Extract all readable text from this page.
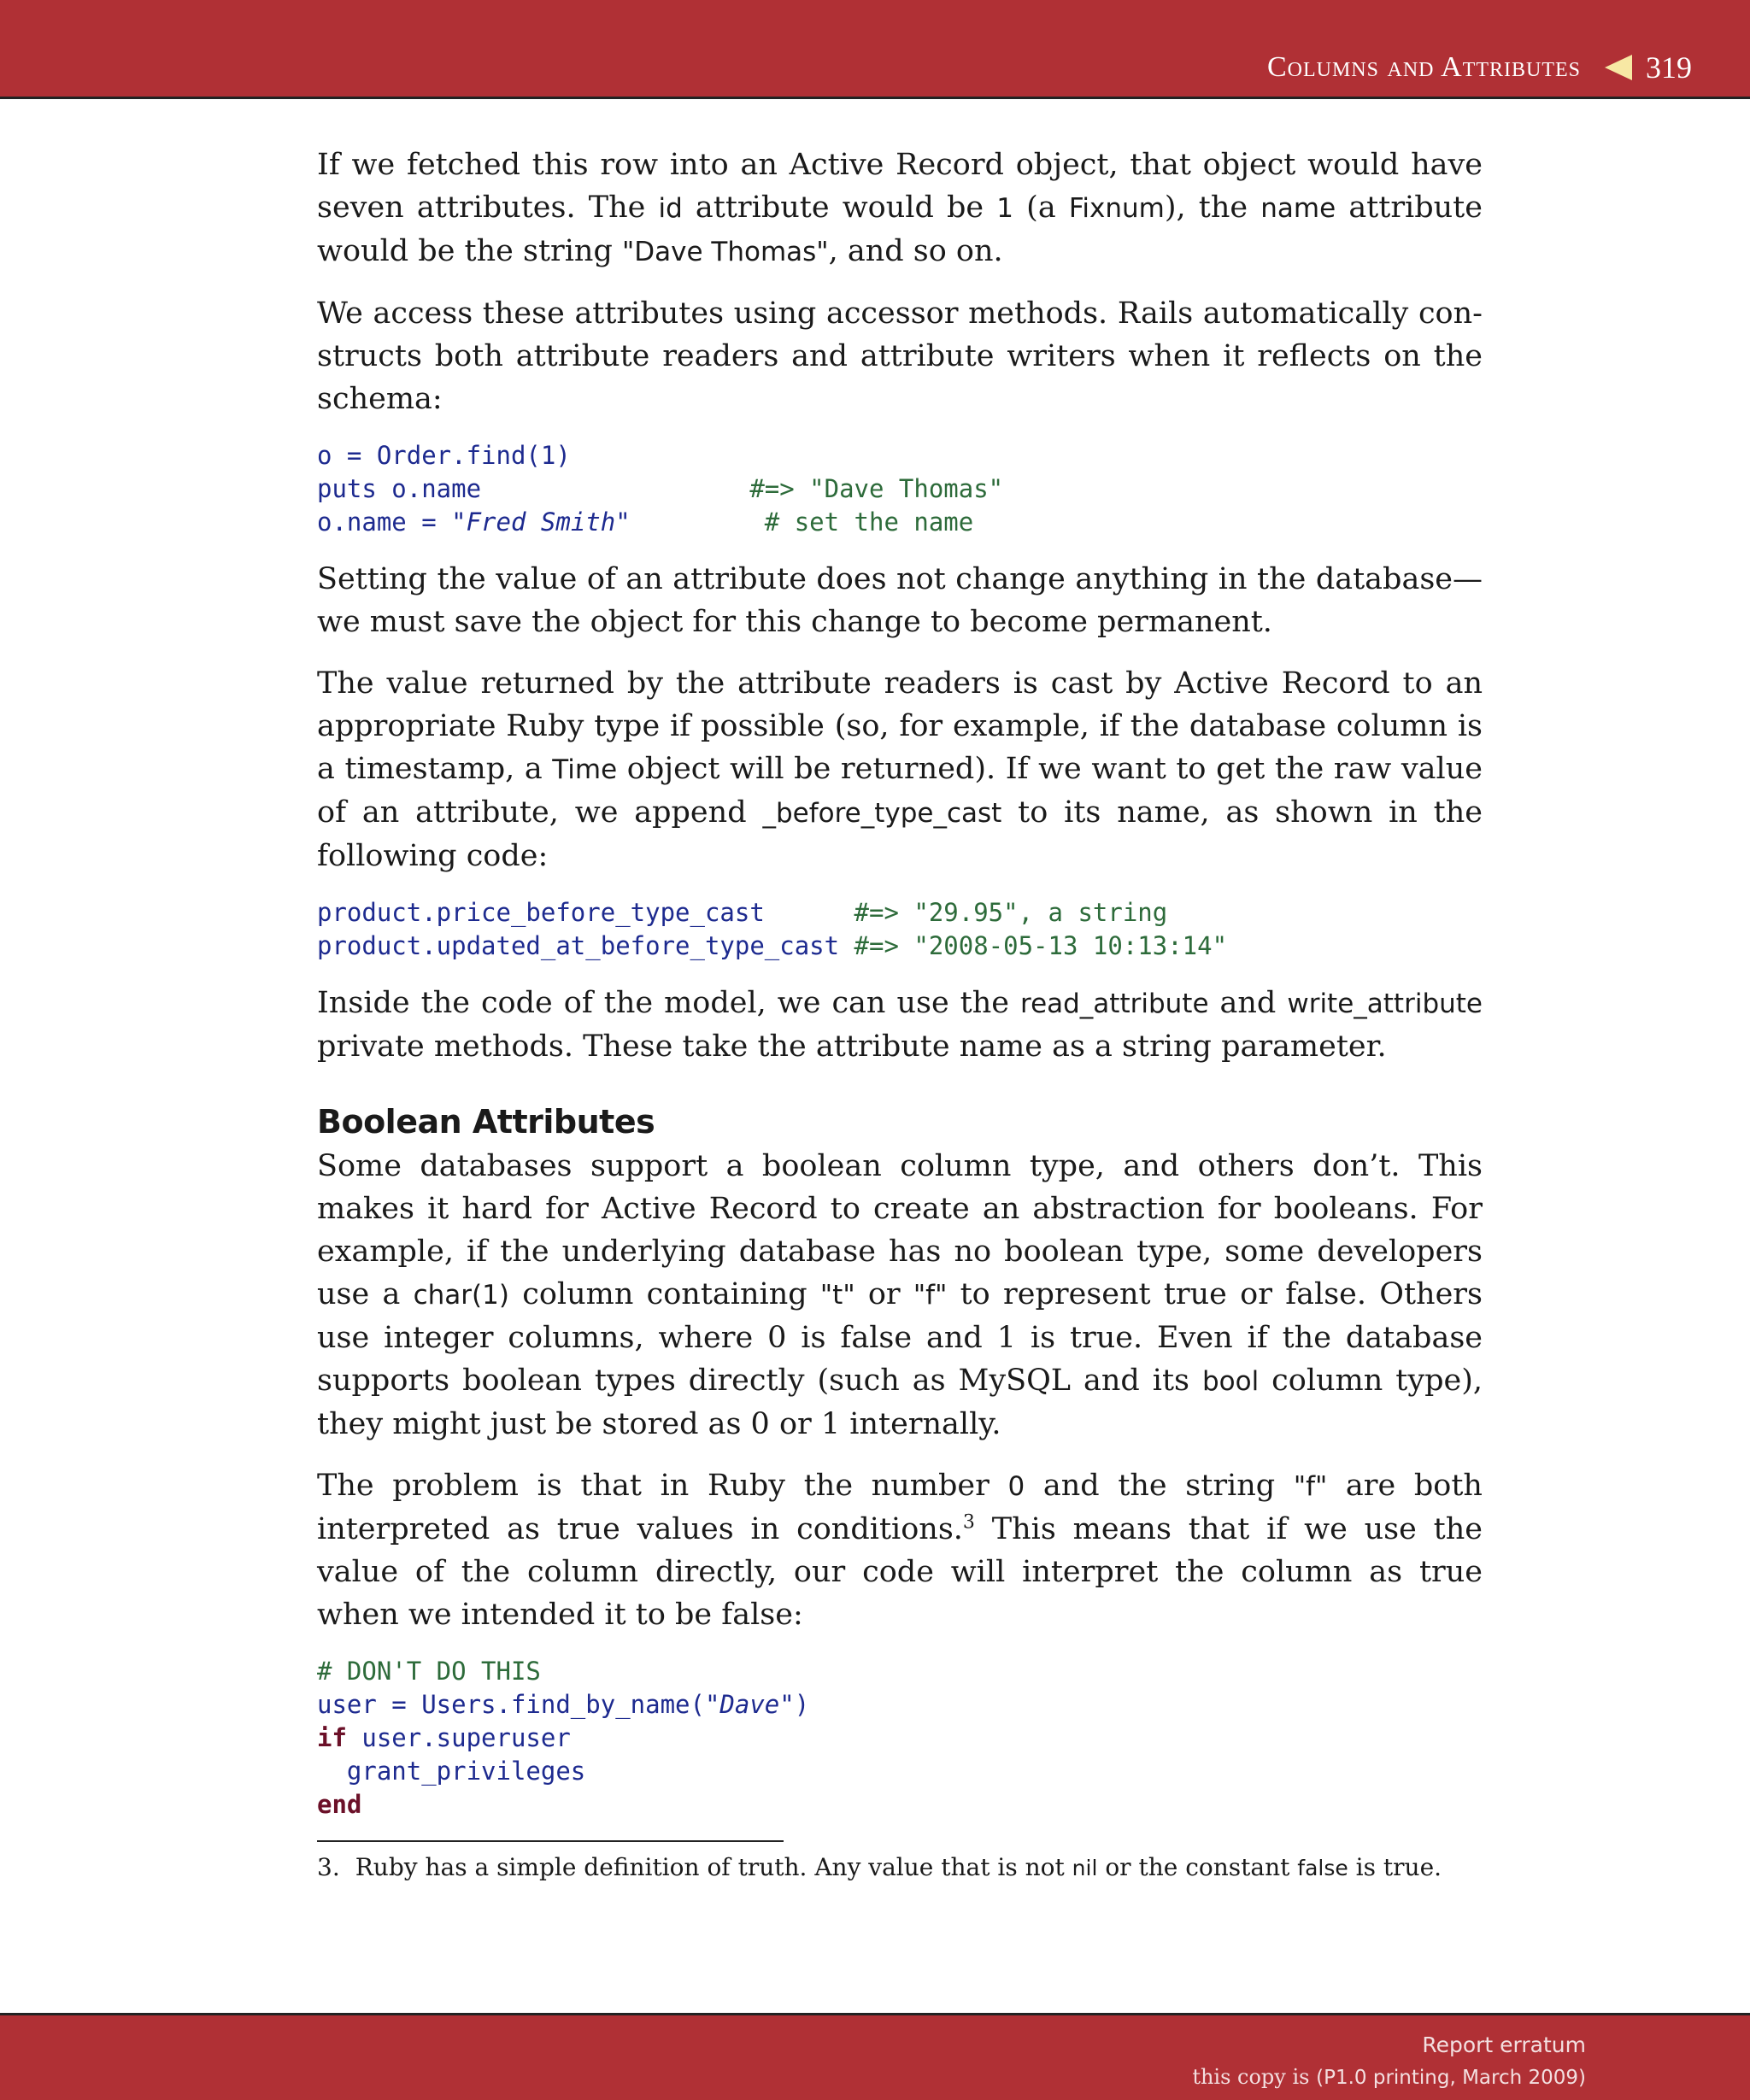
Columns and Attributes 319

If we fetched this row into an Active Record object, that object would have seven attributes. The id attribute would be 1 (a Fixnum), the name attribute would be the string "Dave Thomas", and so on.

We access these attributes using accessor methods. Rails automatically constructs both attribute readers and attribute writers when it reflects on the schema:

o = Order.find(1)
puts o.name                  #=> "Dave Thomas"
o.name = "Fred Smith"         # set the name

Setting the value of an attribute does not change anything in the database—we must save the object for this change to become permanent.

The value returned by the attribute readers is cast by Active Record to an appropriate Ruby type if possible (so, for example, if the database column is a timestamp, a Time object will be returned). If we want to get the raw value of an attribute, we append _before_type_cast to its name, as shown in the following code:

product.price_before_type_cast      #=> "29.95", a string
product.updated_at_before_type_cast #=> "2008-05-13 10:13:14"

Inside the code of the model, we can use the read_attribute and write_attribute private methods. These take the attribute name as a string parameter.

Boolean Attributes

Some databases support a boolean column type, and others don’t. This makes it hard for Active Record to create an abstraction for booleans. For example, if the underlying database has no boolean type, some developers use a char(1) column containing "t" or "f" to represent true or false. Others use integer columns, where 0 is false and 1 is true. Even if the database supports boolean types directly (such as MySQL and its bool column type), they might just be stored as 0 or 1 internally.

The problem is that in Ruby the number 0 and the string "f" are both interpreted as true values in conditions.$^3$ This means that if we use the value of the column directly, our code will interpret the column as true when we intended it to be false:

# DON'T DO THIS
user = Users.find_by_name("Dave")
if user.superuser
grant_privileges
end

3. Ruby has a simple definition of truth. Any value that is not nil or the constant false is true.

Report erratum
this copy is (P1.0 printing, March 2009)
